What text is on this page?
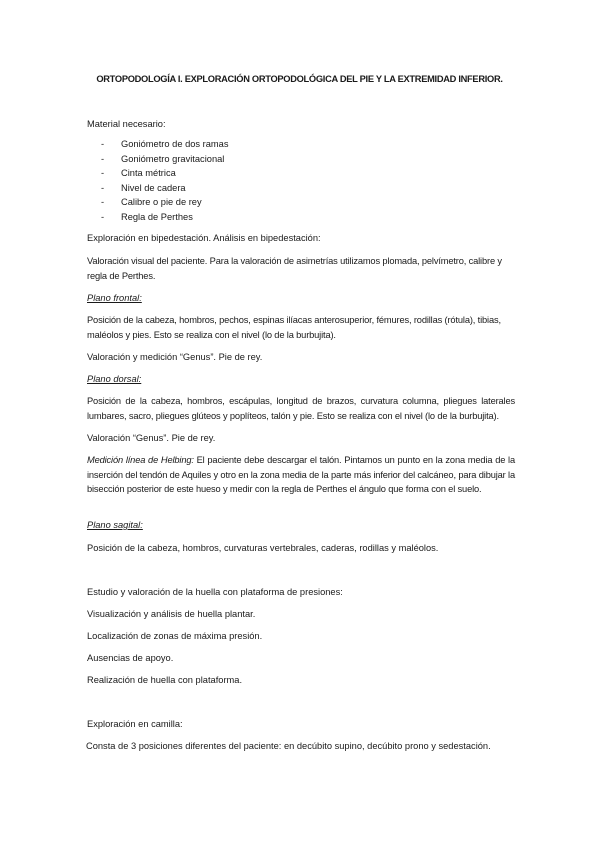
ORTOPODOLOGÍA I. EXPLORACIÓN ORTOPODOLÓGICA DEL PIE Y LA EXTREMIDAD INFERIOR.

Material necesario:

- Goniómetro de dos ramas
- Goniómetro gravitacional
- Cinta métrica
- Nivel de cadera
- Calibre o pie de rey
- Regla de Perthes

Exploración en bipedestación. Análisis en bipedestación:

Valoración visual del paciente. Para la valoración de asimetrías utilizamos plomada, pelvímetro, calibre y regla de Perthes.

Plano frontal:

Posición de la cabeza, hombros, pechos, espinas ilíacas anterosuperior, fémures, rodillas (rótula), tibias, maléolos y pies. Esto se realiza con el nivel (lo de la burbujita).

Valoración y medición “Genus”. Pie de rey.

Plano dorsal:

Posición de la cabeza, hombros, escápulas, longitud de brazos, curvatura columna, pliegues laterales lumbares, sacro, pliegues glúteos y poplíteos, talón y pie. Esto se realiza con el nivel (lo de la burbujita).

Valoración “Genus”. Pie de rey.

Medición línea de Helbing: El paciente debe descargar el talón. Pintamos un punto en la zona media de la inserción del tendón de Aquiles y otro en la zona media de la parte más inferior del calcáneo, para dibujar la bisección posterior de este hueso y medir con la regla de Perthes el ángulo que forma con el suelo.

Plano sagital:

Posición de la cabeza, hombros, curvaturas vertebrales, caderas, rodillas y maléolos.

Estudio y valoración de la huella con plataforma de presiones:

Visualización y análisis de huella plantar.

Localización de zonas de máxima presión.

Ausencias de apoyo.

Realización de huella con plataforma.

Exploración en camilla:

Consta de 3 posiciones diferentes del paciente: en decúbito supino, decúbito prono y sedestación.
